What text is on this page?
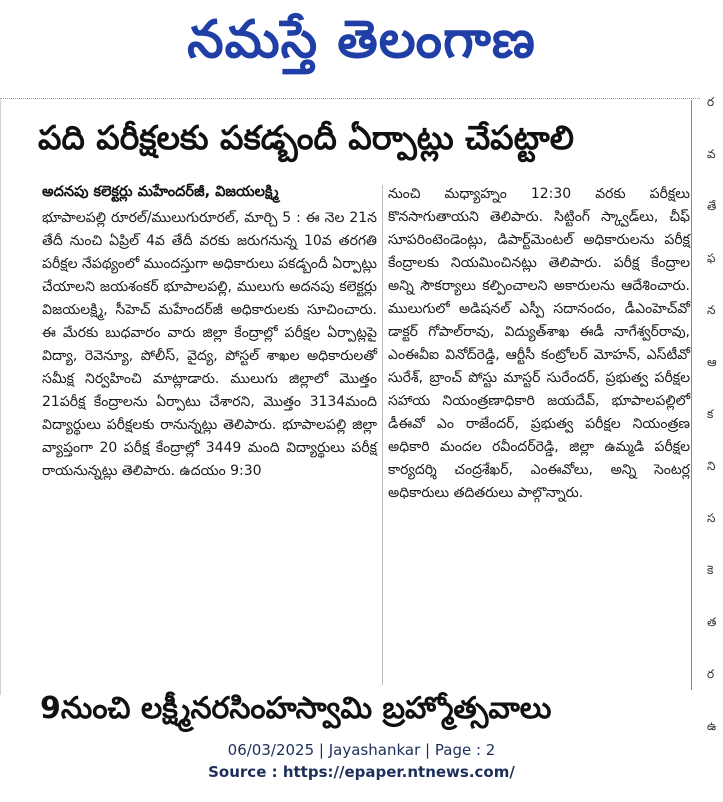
నమస్తే తెలంగాణ
ర
వ
తే
ఫ
న
ఆ
క
ని
స
కె
త
ర
ఉ
పది పరీక్షలకు పకడ్బందీ ఏర్పాట్లు చేపట్టాలి
అదనపు కలెక్టర్లు మహేందర్‌జీ, విజయలక్ష్మి

భూపాలపల్లి రూరల్/ములుగురూరల్, మార్చి 5 : ఈ నెల 21న తేదీ నుంచి ఏప్రిల్ 4వ తేదీ వరకు జరుగనున్న 10వ తరగతి పరీక్షల నేపథ్యంలో ముందస్తుగా అధికారులు పకడ్బందీ ఏర్పాట్లు చేయాలని జయశంకర్ భూపాలపల్లి, ములుగు అదనపు కలెక్టర్లు విజయలక్ష్మి, సీహెచ్ మహేందర్‌జీ అధికారులకు సూచించారు. ఈ మేరకు బుధవారం వారు జిల్లా కేంద్రాల్లో పరీక్షల ఏర్పాట్లపై విద్యా, రెవెన్యూ, పోలీస్, వైద్య, పోస్టల్ శాఖల అధికారులతో సమీక్ష నిర్వహించి మాట్లాడారు. ములుగు జిల్లాలో మొత్తం 21పరీక్ష కేంద్రాలను ఏర్పాటు చేశారని, మొత్తం 3134మంది విద్యార్థులు పరీక్షలకు రానున్నట్లు తెలిపారు. భూపాలపల్లి జిల్లా వ్యాప్తంగా 20 పరీక్ష కేంద్రాల్లో 3449 మంది విద్యార్థులు పరీక్ష రాయనున్నట్లు తెలిపారు. ఉదయం 9:30

నుంచి మధ్యాహ్నం 12:30 వరకు పరీక్షలు కొనసాగుతాయని తెలిపారు. సిట్టింగ్ స్క్వాడ్‌లు, చీఫ్ సూపరింటెండెంట్లు, డిపార్ట్‌మెంటల్ అధికారులను పరీక్ష కేంద్రాలకు నియమించినట్లు తెలిపారు. పరీక్ష కేంద్రాల అన్ని సౌకర్యాలు కల్పించాలని అకారులను ఆదేశించారు. ములుగులో అడిషనల్ ఎస్పీ సదానందం, డీఎంహెచ్‌వో డాక్టర్ గోపాల్‌రావు, విద్యుత్‌శాఖ ఈడీ నాగేశ్వర్‌రావు, ఎంఈవీఐ వినోద్‌రెడ్డి, ఆర్టీసీ కంట్రోలర్ మోహన్, ఎస్‌టీవో సురేశ్, బ్రాంచ్ పోస్టు మాస్టర్ సురేందర్, ప్రభుత్వ పరీక్షల సహాయ నియంత్రణాధికారి జయదేవ్, భూపాలపల్లిలో డీఈవో ఎం రాజేందర్, ప్రభుత్వ పరీక్షల నియంత్రణ అధికారి మందల రవీందర్‌రెడ్డి, జిల్లా ఉమ్మడి పరీక్షల కార్యదర్శి చంద్రశేఖర్, ఎంఈవోలు, అన్ని సెంటర్ల అధికారులు తదితరులు పాల్గొన్నారు.

9నుంచి లక్ష్మీనరసింహస్వామి బ్రహ్మోత్సవాలు
06/03/2025 | Jayashankar | Page : 2
Source : https://epaper.ntnews.com/
